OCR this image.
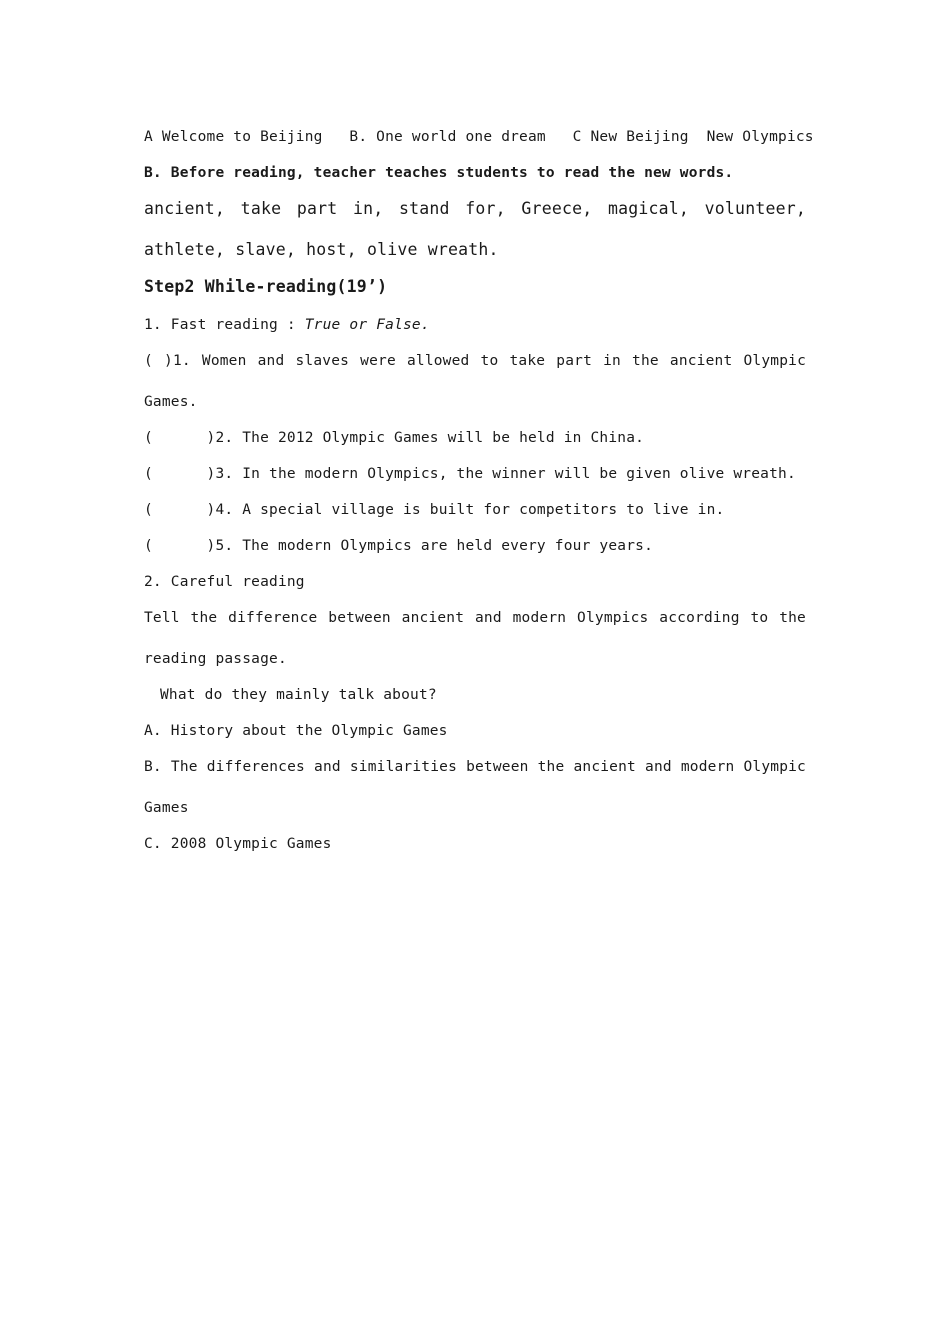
A Welcome to Beijing   B. One world one dream   C New Beijing  New Olympics
B. Before reading, teacher teaches students to read the new words.
ancient, take part in, stand for, Greece, magical, volunteer,
athlete, slave, host, olive wreath.
Step2 While-reading(19’)
1. Fast reading : True or False.
( )1. Women and slaves were allowed to take part in the ancient Olympic
Games.
(      )2. The 2012 Olympic Games will be held in China.
(      )3. In the modern Olympics, the winner will be given olive wreath.
(      )4. A special village is built for competitors to live in.
(      )5. The modern Olympics are held every four years.
2. Careful reading
Tell the difference between ancient and modern Olympics according to the
reading passage.
What do they mainly talk about?
A. History about the Olympic Games
B. The differences and similarities between the ancient and modern Olympic
Games
C. 2008 Olympic Games
